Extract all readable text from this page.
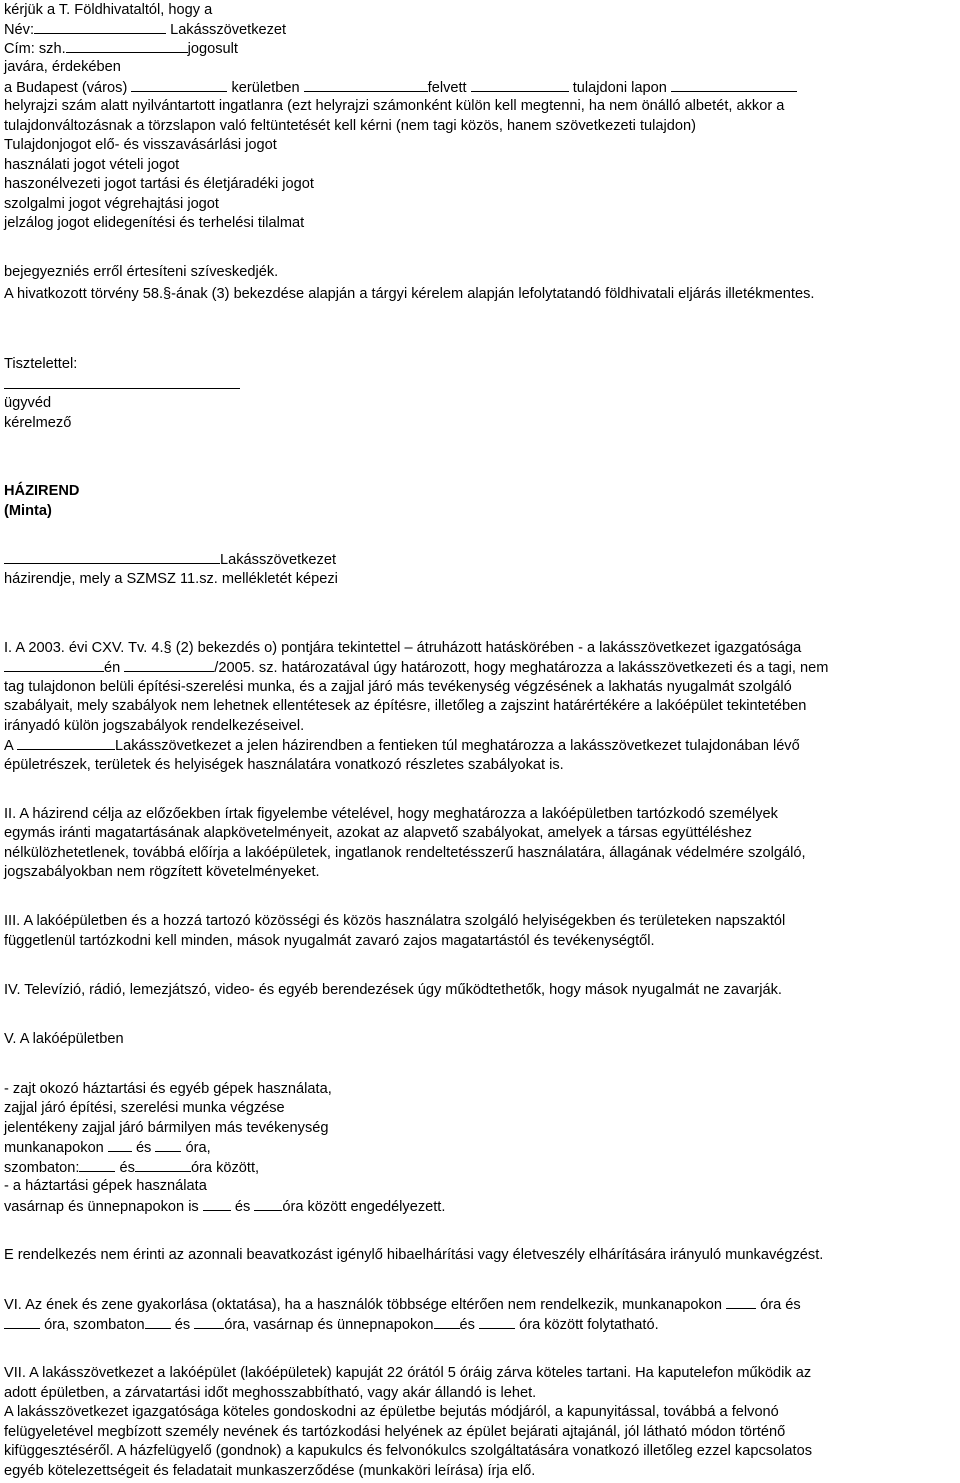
kérjük a T. Földhivataltól, hogy a
Név:	Lakásszövetkezet
Cím: szh.	jogosult
javára, érdekében
a Budapest (város)	kerületben	felvett	tulajdoni lapon
helyrajzi szám alatt nyilvántartott ingatlanra (ezt helyrajzi számonként külön kell megtenni, ha nem önálló albetét, akkor a
tulajdonváltozásnak a törzslapon való feltüntetését kell kérni (nem tagi közös, hanem szövetkezeti tulajdon)
Tulajdonjogot elő- és visszavásárlási jogot
használati jogot vételi jogot
haszonélvezeti jogot tartási és életjáradéki jogot
szolgalmi jogot végrehajtási jogot
jelzálog jogot elidegenítési és terhelési tilalmat
bejegyezniés erről értesíteni szíveskedjék.
A hivatkozott törvény 58.§-ának (3) bekezdése alapján a tárgyi kérelem alapján lefolytatandó földhivatali eljárás illetékmentes.
Tisztelettel:
ügyvéd
kérelmező
HÁZIREND
(Minta)
Lakásszövetkezet
házirendje, mely a SZMSZ 11.sz. mellékletét képezi
I. A 2003. évi CXV. Tv. 4.§ (2) bekezdés o) pontjára tekintettel – átruházott hatáskörében - a lakásszövetkezet igazgatósága
én	/2005. sz. határozatával úgy határozott, hogy meghatározza a lakásszövetkezeti és a tagi, nem
tag tulajdonon belüli építési-szerelési munka, és a zajjal járó más tevékenység végzésének a lakhatás nyugalmát szolgáló
szabályait, mely szabályok nem lehetnek ellentétesek az építésre, illetőleg a zajszint határértékére a lakóépület tekintetében
irányadó külön jogszabályok rendelkezéseivel.
A	Lakásszövetkezet a jelen házirendben a fentieken túl meghatározza a lakásszövetkezet tulajdonában lévő
épületrészek, területek és helyiségek használatára vonatkozó részletes szabályokat is.
II. A házirend célja az előzőekben írtak figyelembe vételével, hogy meghatározza a lakóépületben tartózkodó személyek
egymás iránti magatartásának alapkövetelményeit, azokat az alapvető szabályokat, amelyek a társas együttéléshez
nélkülözhetetlenek, továbbá előírja a lakóépületek, ingatlanok rendeltetésszerű használatára, állagának védelmére szolgáló,
jogszabályokban nem rögzített követelményeket.
III. A lakóépületben és a hozzá tartozó közösségi és közös használatra szolgáló helyiségekben és területeken napszaktól
függetlenül tartózkodni kell minden, mások nyugalmát zavaró zajos magatartástól és tevékenységtől.
IV. Televízió, rádió, lemezjátszó, video- és egyéb berendezések úgy működtethetők, hogy mások nyugalmát ne zavarják.
V. A lakóépületben
- zajt okozó háztartási és egyéb gépek használata,
zajjal járó építési, szerelési munka végzése
jelentékeny zajjal járó bármilyen más tevékenység
munkanapokon és óra,
szombaton:	és	óra között,
- a háztartási gépek használata
vasárnap és ünnepnapokon is és óra között engedélyezett.
E rendelkezés nem érinti az azonnali beavatkozást igénylő hibaelhárítási vagy életveszély elhárítására irányuló munkavégzést.
VI. Az ének és zene gyakorlása (oktatása), ha a használók többsége eltérően nem rendelkezik, munkanapokon	óra és
óra, szombaton és óra, vasárnap és ünnepnapokon és	óra között folytatható.
VII. A lakásszövetkezet a lakóépület (lakóépületek) kapuját 22 órától 5 óráig zárva köteles tartani. Ha kaputelefon működik az
adott épületben, a zárvatartási időt meghosszabbítható, vagy akár állandó is lehet.
A lakásszövetkezet igazgatósága köteles gondoskodni az épületbe bejutás módjáról, a kapunyitással, továbbá a felvonó
felügyeletével megbízott személy nevének és tartózkodási helyének az épület bejárati ajtajánál, jól látható módon történő
kifüggesztéséről. A házfelügyelő (gondnok) a kapukulcs és felvonókulcs szolgáltatására vonatkozó illetőleg ezzel kapcsolatos
egyéb kötelezettségeit és feladatait munkaszerződése (munkaköri leírása) írja elő.
